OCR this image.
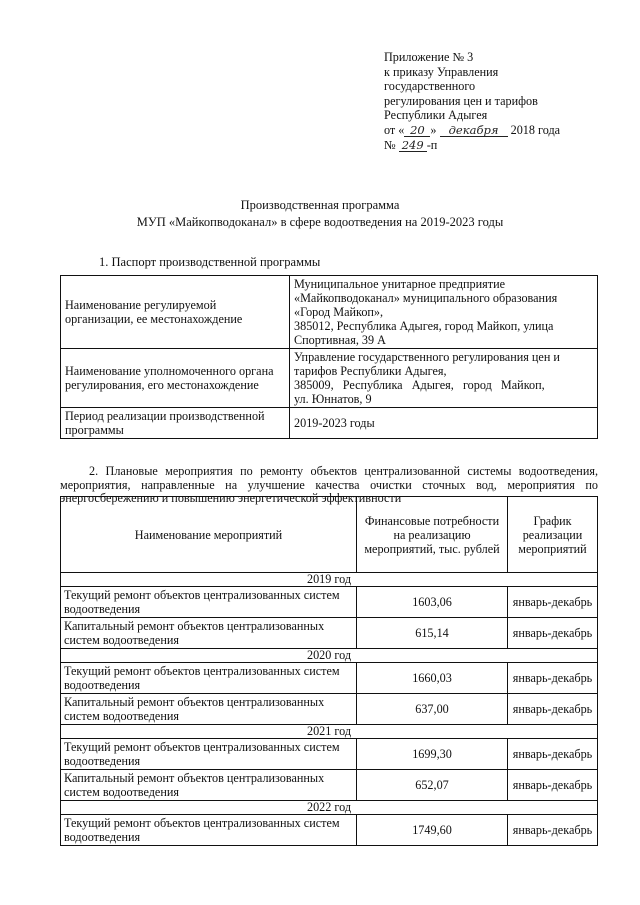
Приложение № 3
к приказу Управления
государственного
регулирования цен и тарифов
Республики Адыгея
от « 20 » декабря 2018 года
№ 249 -п
Производственная программа
МУП «Майкопводоканал» в сфере водоотведения на 2019-2023 годы
1. Паспорт производственной программы
Наименование регулируемой организации, ее местонахождение	Муниципальное унитарное предприятие
«Майкопводоканал» муниципального образования
«Город Майкоп»,
385012, Республика Адыгея, город Майкоп, улица
Спортивная, 39 А

Наименование уполномоченного органа регулирования, его местонахождение	Управление государственного регулирования цен и
тарифов Республики Адыгея,
385009,   Республика   Адыгея,   город   Майкоп,
ул. Юннатов, 9

Период реализации производственной программы	2019-2023 годы
2. Плановые мероприятия по ремонту объектов централизованной системы водоотведения, мероприятия, направленные на улучшение качества очистки сточных вод, мероприятия по энергосбережению и повышению энергетической эффективности
Наименование мероприятий	Финансовые потребности на реализацию мероприятий, тыс. рублей	График реализации мероприятий
2019 год		
Текущий ремонт объектов централизованных систем водоотведения	1603,06	январь-декабрь
Капитальный ремонт объектов централизованных систем водоотведения	615,14	январь-декабрь
2020 год		
Текущий ремонт объектов централизованных систем водоотведения	1660,03	январь-декабрь
Капитальный ремонт объектов централизованных систем водоотведения	637,00	январь-декабрь
2021 год		
Текущий ремонт объектов централизованных систем водоотведения	1699,30	январь-декабрь
Капитальный ремонт объектов централизованных систем водоотведения	652,07	январь-декабрь
2022 год		
Текущий ремонт объектов централизованных систем водоотведения	1749,60	январь-декабрь
